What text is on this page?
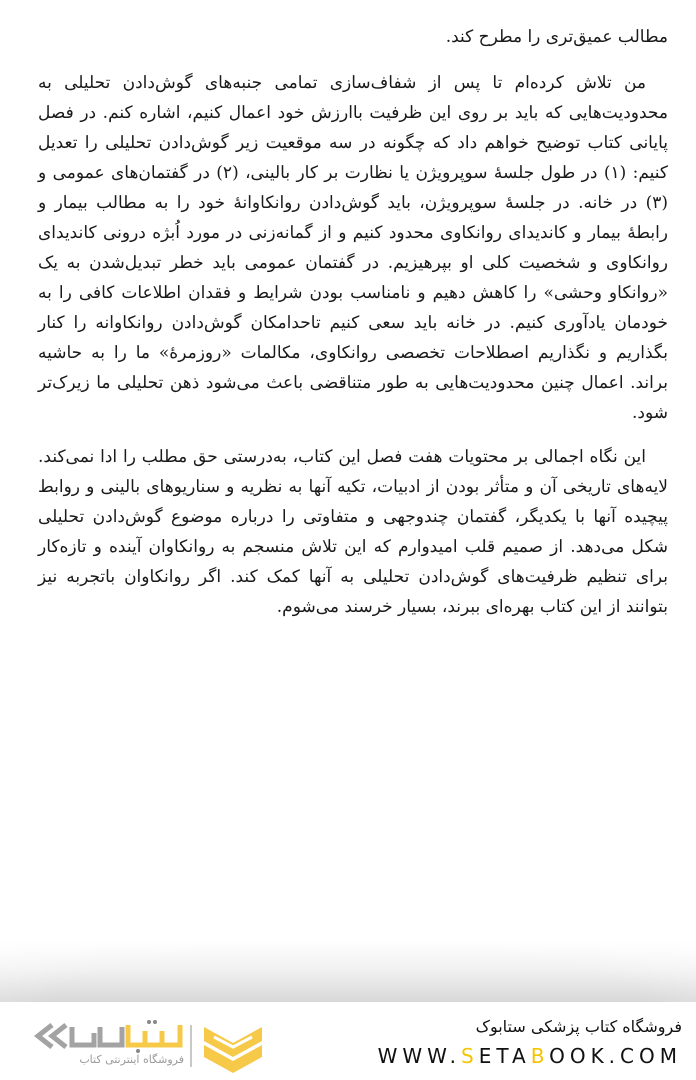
مطالب عمیق‌تری را مطرح کند.

من تلاش کرده‌ام تا پس از شفاف‌سازی تمامی جنبه‌های گوش‌دادن تحلیلی به محدودیت‌هایی که باید بر روی این ظرفیت باارزش خود اعمال کنیم، اشاره کنم. در فصل پایانی کتاب توضیح خواهم داد که چگونه در سه موقعیت زیر گوش‌دادن تحلیلی را تعدیل کنیم: (۱) در طول جلسهٔ سوپرویژن یا نظارت بر کار بالینی، (۲) در گفتمان‌های عمومی و (۳) در خانه. در جلسهٔ سوپرویژن، باید گوش‌دادن روانکاوانهٔ خود را به مطالب بیمار و رابطهٔ بیمار و کاندیدای روانکاوی محدود کنیم و از گمانه‌زنی در مورد اُبژه درونی کاندیدای روانکاوی و شخصیت کلی او بپرهیزیم. در گفتمان عمومی باید خطر تبدیل‌شدن به یک «روانکاو وحشی» را کاهش دهیم و نامناسب بودن شرایط و فقدان اطلاعات کافی را به خودمان یادآوری کنیم. در خانه باید سعی کنیم تاحدامکان گوش‌دادن روانکاوانه را کنار بگذاریم و نگذاریم اصطلاحات تخصصی روانکاوی، مکالمات «روزمرهٔ» ما را به حاشیه براند. اعمال چنین محدودیت‌هایی به طور متناقضی باعث می‌شود ذهن تحلیلی ما زیرک‌تر شود.

این نگاه اجمالی بر محتویات هفت فصل این کتاب، به‌درستی حق مطلب را ادا نمی‌کند. لایه‌های تاریخی آن و متأثر بودن از ادبیات، تکیه آنها به نظریه و سناریوهای بالینی و روابط پیچیده آنها با یکدیگر، گفتمان چندوجهی و متفاوتی را درباره موضوع گوش‌دادن تحلیلی شکل می‌دهد. از صمیم قلب امیدوارم که این تلاش منسجم به روانکاوان آینده و تازه‌کار برای تنظیم ظرفیت‌های گوش‌دادن تحلیلی به آنها کمک کند. اگر روانکاوان باتجربه نیز بتوانند از این کتاب بهره‌ای ببرند، بسیار خرسند می‌شوم.

فروشگاه اینترنتی کتاب
فروشگاه کتاب پزشکی ستابوک
WWW.SETABOOK.COM
